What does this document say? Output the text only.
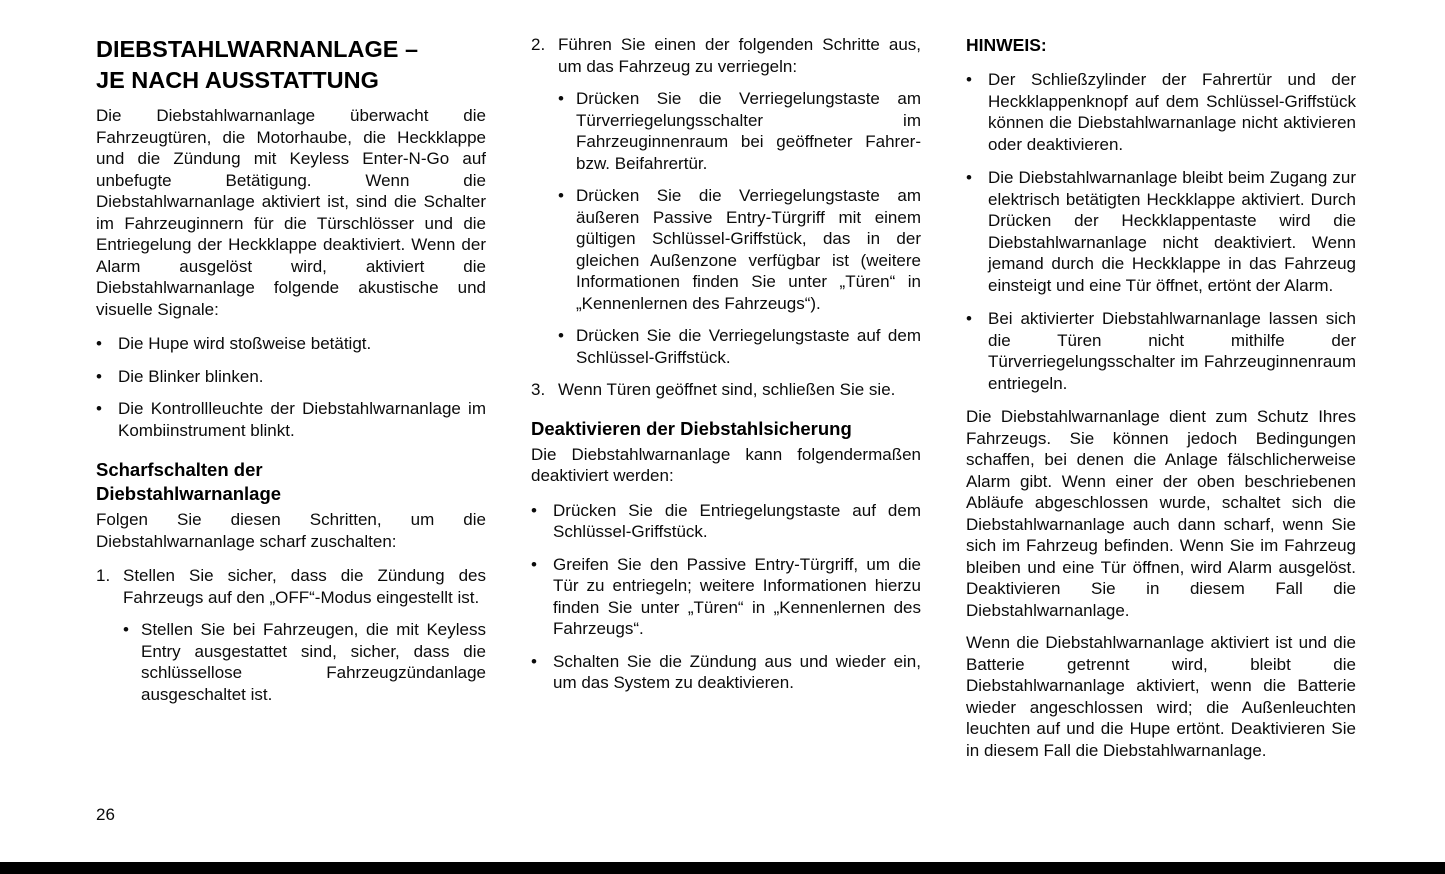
DIEBSTAHLWARNANLAGE –
JE NACH AUSSTATTUNG

Die Diebstahlwarnanlage überwacht die Fahrzeugtüren, die Motorhaube, die Heckklappe und die Zündung mit Keyless Enter-N-Go auf unbefugte Betätigung. Wenn die Diebstahlwarnanlage aktiviert ist, sind die Schalter im Fahrzeuginnern für die Türschlösser und die Entriegelung der Heckklappe deaktiviert. Wenn der Alarm ausgelöst wird, aktiviert die Diebstahlwarnanlage folgende akustische und visuelle Signale:

• Die Hupe wird stoßweise betätigt.
• Die Blinker blinken.
• Die Kontrollleuchte der Diebstahlwarnanlage im Kombiinstrument blinkt.
Scharfschalten der
Diebstahlwarnanlage

Folgen Sie diesen Schritten, um die Diebstahlwarnanlage scharf zuschalten:

1. Stellen Sie sicher, dass die Zündung des Fahrzeugs auf den „OFF“-Modus eingestellt ist.
• Stellen Sie bei Fahrzeugen, die mit Keyless Entry ausgestattet sind, sicher, dass die schlüssellose Fahrzeugzündanlage ausgeschaltet ist.
2. Führen Sie einen der folgenden Schritte aus, um das Fahrzeug zu verriegeln:
• Drücken Sie die Verriegelungstaste am Türverriegelungsschalter im Fahrzeuginnenraum bei geöffneter Fahrer- bzw. Beifahrertür.
• Drücken Sie die Verriegelungstaste am äußeren Passive Entry-Türgriff mit einem gültigen Schlüssel-Griffstück, das in der gleichen Außenzone verfügbar ist (weitere Informationen finden Sie unter „Türen“ in „Kennenlernen des Fahrzeugs“).
• Drücken Sie die Verriegelungstaste auf dem Schlüssel-Griffstück.
3. Wenn Türen geöffnet sind, schließen Sie sie.
Deaktivieren der Diebstahlsicherung

Die Diebstahlwarnanlage kann folgendermaßen deaktiviert werden:

• Drücken Sie die Entriegelungstaste auf dem Schlüssel-Griffstück.
• Greifen Sie den Passive Entry-Türgriff, um die Tür zu entriegeln; weitere Informationen hierzu finden Sie unter „Türen“ in „Kennenlernen des Fahrzeugs“.
• Schalten Sie die Zündung aus und wieder ein, um das System zu deaktivieren.
HINWEIS:
• Der Schließzylinder der Fahrertür und der Heckklappenknopf auf dem Schlüssel-Griffstück können die Diebstahlwarnanlage nicht aktivieren oder deaktivieren.
• Die Diebstahlwarnanlage bleibt beim Zugang zur elektrisch betätigten Heckklappe aktiviert. Durch Drücken der Heckklappentaste wird die Diebstahlwarnanlage nicht deaktiviert. Wenn jemand durch die Heckklappe in das Fahrzeug einsteigt und eine Tür öffnet, ertönt der Alarm.
• Bei aktivierter Diebstahlwarnanlage lassen sich die Türen nicht mithilfe der Türverriegelungsschalter im Fahrzeuginnenraum entriegeln.

Die Diebstahlwarnanlage dient zum Schutz Ihres Fahrzeugs. Sie können jedoch Bedingungen schaffen, bei denen die Anlage fälschlicherweise Alarm gibt. Wenn einer der oben beschriebenen Abläufe abgeschlossen wurde, schaltet sich die Diebstahlwarnanlage auch dann scharf, wenn Sie sich im Fahrzeug befinden. Wenn Sie im Fahrzeug bleiben und eine Tür öffnen, wird Alarm ausgelöst. Deaktivieren Sie in diesem Fall die Diebstahlwarnanlage.

Wenn die Diebstahlwarnanlage aktiviert ist und die Batterie getrennt wird, bleibt die Diebstahlwarnanlage aktiviert, wenn die Batterie wieder angeschlossen wird; die Außenleuchten leuchten auf und die Hupe ertönt. Deaktivieren Sie in diesem Fall die Diebstahlwarnanlage.

26
